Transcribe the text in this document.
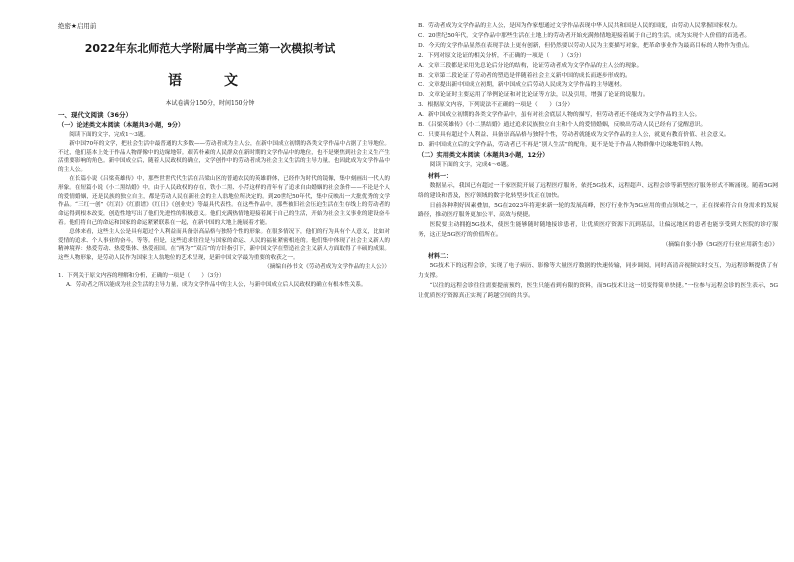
绝密★启用前
2022年东北师范大学附属中学高三第一次模拟考试
语　文
本试卷满分150分，时间150分钟

一、现代文阅读（36分）

（一）论述类文本阅读（本题共3小题，9分）

阅读下面的文字，完成1～3题。

新中国70年的文学，把社会生活中最普通的大多数——劳动者成为主人公，在新中国成立初期的各类文学作品中占据了主导地位。不过，他们基本上处于作品人物群像中的边缘地带。艰苦朴素的人民群众在新时期的文学作品中的地位，也不是聚焦到社会主义生产生活重要影响的角色。新中国成立后，随着人民政权的确立，文学创作中的劳动者成为社会主义生活的主导力量，也因此成为文学作品中的主人公。

在长篇小说《吕梁英雄传》中，那些世世代代生活在吕梁山区的普通农民的英雄群体，已经作为时代的镜像，集中刻画出一代人的形象。在短篇小说《小二黑结婚》中，由于人民政权的存在，铁小二黑、小芹这样的青年有了追求自由婚姻的社会条件——不论是个人的爱情婚姻，还是民族的独立自主，都是劳动人民在新社会的主人翁地位所决定的。到20世纪50年代，集中反映出一大批优秀的文学作品。“三红一创”《红岩》《红旗谱》《红日》《创业史》等最具代表性。在这些作品中，那些被旧社会压迫生活在生存线上的劳动者的命运得到根本改变，创造性地写出了他们先进性的积极意义。他们充满热情地迎接着属于自己的生活，开始为社会主义事业的建设奋斗着。他们将自己的命运和国家的命运紧紧联系在一起，在新中国的大地上施展着才能。

总体来看，这些主人公是具有超过个人利益而具备崇高品格与独特个性的形象。在很多情况下，他们的行为具有个人意义，比如对爱情的追求、个人事业的奋斗，等等。但是，这些追求往往是与国家的命运、人民的福祉紧密相连的。他们集中体现了社会主义新人的精神境界：热爱劳动、热爱集体、热爱祖国。在“两为”“双百”的方针指引下，新中国文学在塑造社会主义新人方面取得了丰硕的成果。这些人物形象，是劳动人民作为国家主人翁地位的艺术呈现，是新中国文学最为重要的收获之一。

（摘编自孙书文《劳动者成为文学作品的主人公》）

1．下列关于原文内容的理解和分析，正确的一项是（　　）（3分）

A．劳动者之所以能成为社会生活的主导力量，成为文学作品中的主人公，与新中国成立后人民政权的确立有根本性关系。

B．劳动者成为文学作品的主人公，是因为作家想通过文学作品表现中华人民共和国是人民的国度，由劳动人民掌握国家权力。

C．20世纪50年代，文学作品中那些生活在土地上的劳动者开始充满热情地迎接着属于自己的生活，成为实现个人价值的首选者。

D．今天的文学作品显然在表现手法上更有创新，但仍然要以劳动人民为主要描写对象，把革命事业作为最高目标的人物作为重点。

2．下列对原文论证的相关分析，不正确的一项是（　　）（3分）

A．文章三段都是采用先总论后分论的结构，论证劳动者成为文学作品的主人公的现象。

B．文章第二段论证了劳动者的塑造是伴随着社会主义新中国的成长而逐步形成的。

C．文章提出新中国成立初期，新中国成立后劳动人民成为文学作品的主导题材。

D．文章论证时主要运用了举例论证和对比论证等方法，以及引用，增强了论证的说服力。

3．根据原文内容，下列说法不正确的一项是（　　）（3分）

A．新中国成立初期的各类文学作品中，虽有对社会底层人物的描写，但劳动者还不能成为文学作品的主人公。

B．《吕梁英雄传》《小二黑结婚》通过追求民族独立自主和个人的爱情婚姻，反映出劳动人民已经有了觉醒意识。

C．只要具有超过个人利益、具备崇高品格与独特个性，劳动者就能成为文学作品的主人公，就更有教育价值、社会意义。

D．新中国成立后的文学作品，劳动者已不再是“别人生活”的配角，更不是处于作品人物群像中边缘地带的人物。

（二）实用类文本阅读（本题共3小题，12分）

阅读下面的文字，完成4～6题。

材料一：

数据显示，我国已有超过一千家医院开展了远程医疗服务，依托5G技术，远程超声、远程会诊等新型医疗服务形式不断涌现。随着5G网络的建设和普及，医疗领域的数字化转型步伐正在加快。

日前各种利好因素叠加，5G在2023年将迎来新一轮的发展高峰，医疗行业作为5G应用的重点领域之一，正在探索符合自身需求的发展路径，推动医疗服务更加公平、高效与便捷。

医院要主动拥抱5G技术，使医生能够随时随地接诊患者，让优质医疗资源下沉到基层，让偏远地区的患者也能享受到大医院的诊疗服务，这正是5G医疗的价值所在。

（摘编自张小静《5G医疗行业应用新生态》）

材料二：

5G技术下的远程会诊，实现了电子病历、影像等大量医疗数据的快速传输，同步调阅，同时高清音视频实时交互，为远程诊断提供了有力支撑。

“以往的远程会诊往往需要提前预约，医生只能看到有限的资料，而5G技术让这一切变得简单快捷。”一位参与远程会诊的医生表示，5G让优质医疗资源真正实现了跨越空间的共享。
